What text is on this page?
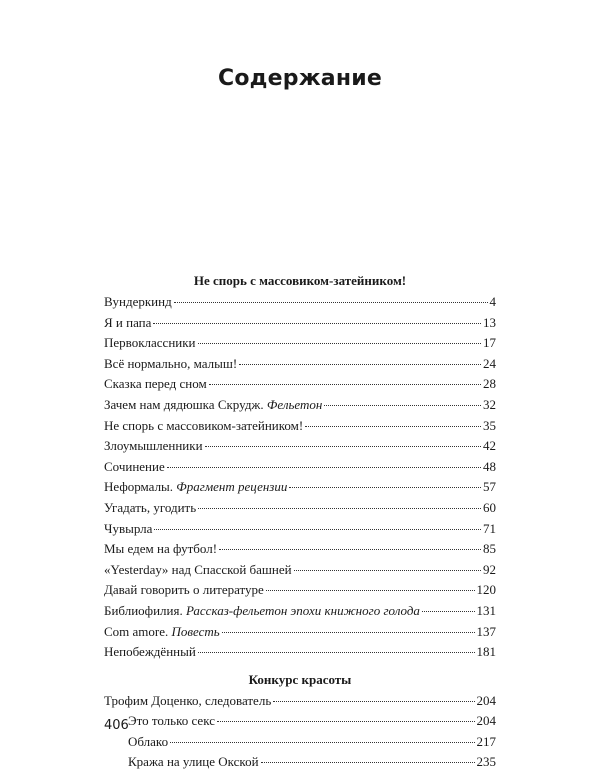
Содержание
Не спорь с массовиком-затейником!
Вундеркинд	4
Я и папа	13
Первоклассники	17
Всё нормально, малыш!	24
Сказка перед сном	28
Зачем нам дядюшка Скрудж. Фельетон	32
Не спорь с массовиком-затейником!	35
Злоумышленники	42
Сочинение	48
Неформалы. Фрагмент рецензии	57
Угадать, угодить	60
Чувырла	71
Мы едем на футбол!	85
«Yesterday» над Спасской башней	92
Давай говорить о литературе	120
Библиофилия. Рассказ-фельетон эпохи книжного голода	131
Com amore. Повесть	137
Непобеждённый	181
Конкурс красоты
Трофим Доценко, следователь	204
Это только секс	204
Облако	217
Кража на улице Окской	235
406
